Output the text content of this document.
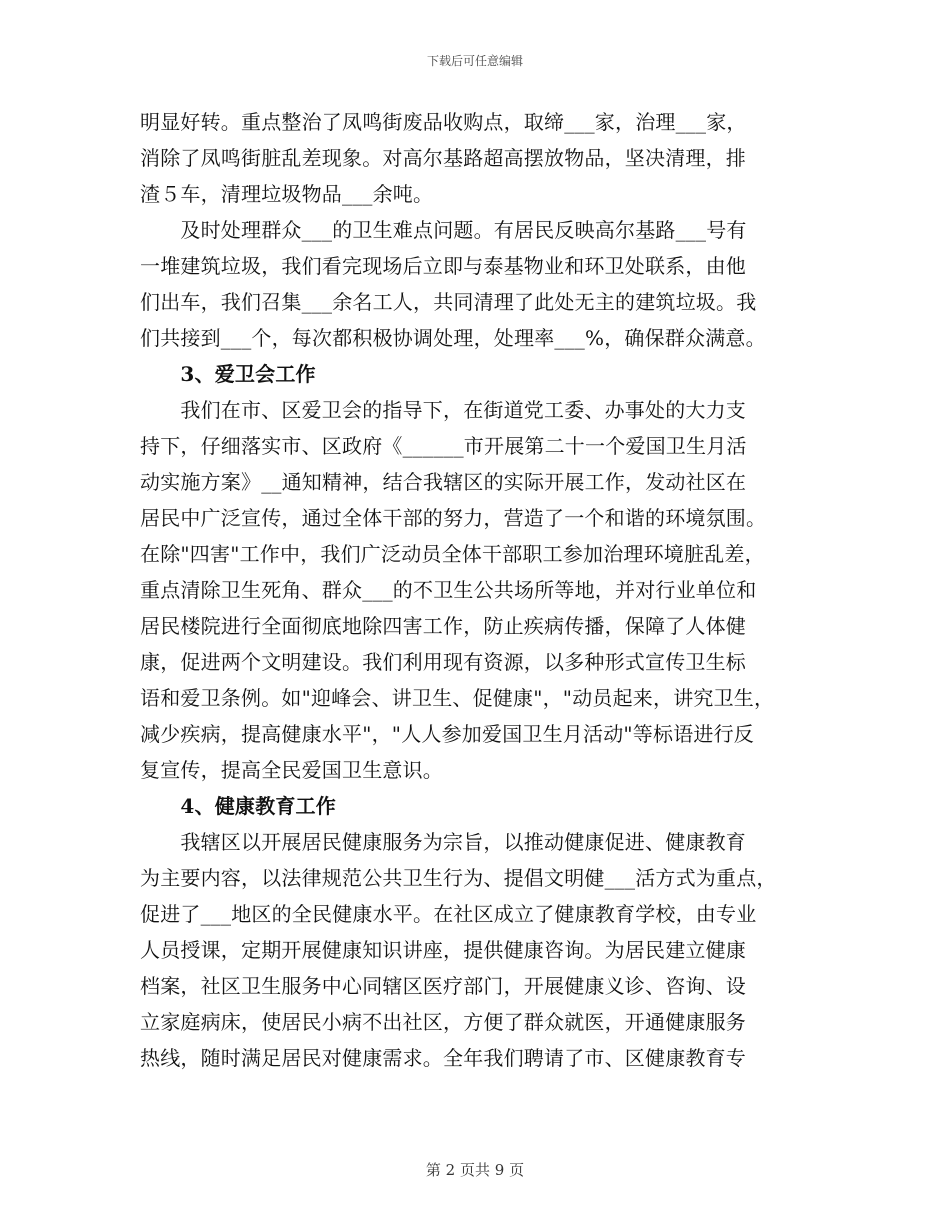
下载后可任意编辑
明显好转。重点整治了凤鸣街废品收购点，取缔___家，治理___家，
消除了凤鸣街脏乱差现象。对高尔基路超高摆放物品，坚决清理，排
渣５车，清理垃圾物品___余吨。
　　及时处理群众___的卫生难点问题。有居民反映高尔基路___号有
一堆建筑垃圾，我们看完现场后立即与泰基物业和环卫处联系，由他
们出车，我们召集___余名工人，共同清理了此处无主的建筑垃圾。我
们共接到___个，每次都积极协调处理，处理率___%，确保群众满意。
　　3、爱卫会工作
　　我们在市、区爱卫会的指导下，在街道党工委、办事处的大力支
持下，仔细落实市、区政府《______市开展第二十一个爱国卫生月活
动实施方案》__通知精神，结合我辖区的实际开展工作，发动社区在
居民中广泛宣传，通过全体干部的努力，营造了一个和谐的环境氛围。
在除"四害"工作中，我们广泛动员全体干部职工参加治理环境脏乱差，
重点清除卫生死角、群众___的不卫生公共场所等地，并对行业单位和
居民楼院进行全面彻底地除四害工作，防止疾病传播，保障了人体健
康，促进两个文明建设。我们利用现有资源，以多种形式宣传卫生标
语和爱卫条例。如"迎峰会、讲卫生、促健康"，"动员起来，讲究卫生，
减少疾病，提高健康水平"，"人人参加爱国卫生月活动"等标语进行反
复宣传，提高全民爱国卫生意识。
　　4、健康教育工作
　　我辖区以开展居民健康服务为宗旨，以推动健康促进、健康教育
为主要内容，以法律规范公共卫生行为、提倡文明健___活方式为重点，
促进了___地区的全民健康水平。在社区成立了健康教育学校，由专业
人员授课，定期开展健康知识讲座，提供健康咨询。为居民建立健康
档案，社区卫生服务中心同辖区医疗部门，开展健康义诊、咨询、设
立家庭病床，使居民小病不出社区，方便了群众就医，开通健康服务
热线，随时满足居民对健康需求。全年我们聘请了市、区健康教育专
第 2 页共 9 页
